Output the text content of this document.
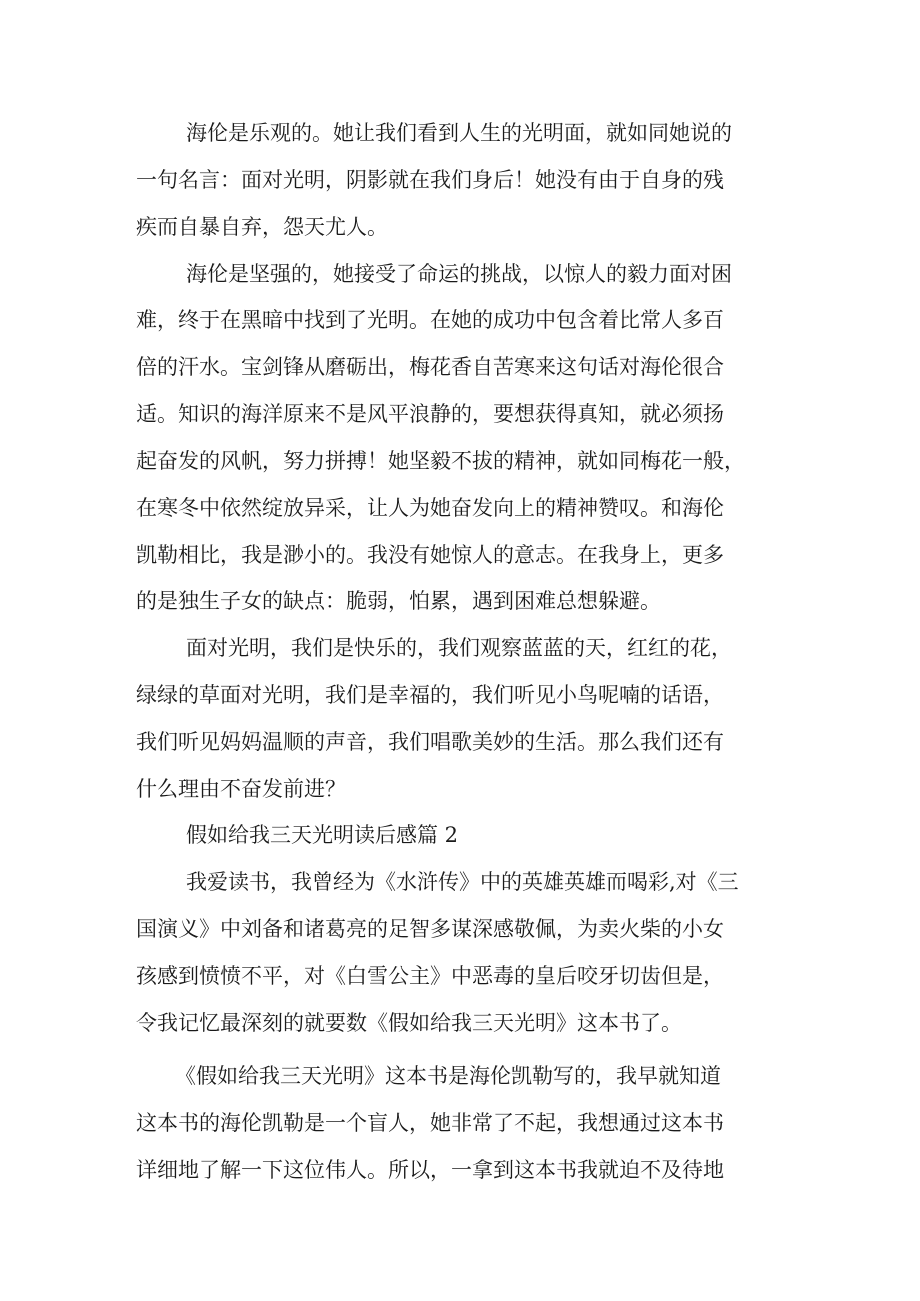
海伦是乐观的。她让我们看到人生的光明面，就如同她说的
一句名言：面对光明，阴影就在我们身后！她没有由于自身的残
疾而自暴自弃，怨天尤人。
海伦是坚强的，她接受了命运的挑战，以惊人的毅力面对困
难，终于在黑暗中找到了光明。在她的成功中包含着比常人多百
倍的汗水。宝剑锋从磨砺出，梅花香自苦寒来这句话对海伦很合
适。知识的海洋原来不是风平浪静的，要想获得真知，就必须扬
起奋发的风帆，努力拼搏！她坚毅不拔的精神，就如同梅花一般，
在寒冬中依然绽放异采，让人为她奋发向上的精神赞叹。和海伦
凯勒相比，我是渺小的。我没有她惊人的意志。在我身上，更多
的是独生子女的缺点：脆弱，怕累，遇到困难总想躲避。
面对光明，我们是快乐的，我们观察蓝蓝的天，红红的花，
绿绿的草面对光明，我们是幸福的，我们听见小鸟呢喃的话语，
我们听见妈妈温顺的声音，我们唱歌美妙的生活。那么我们还有
什么理由不奋发前进？
假如给我三天光明读后感篇 2
我爱读书，我曾经为《水浒传》中的英雄英雄而喝彩,对《三
国演义》中刘备和诸葛亮的足智多谋深感敬佩，为卖火柴的小女
孩感到愤愤不平，对《白雪公主》中恶毒的皇后咬牙切齿但是，
令我记忆最深刻的就要数《假如给我三天光明》这本书了。
《假如给我三天光明》这本书是海伦凯勒写的，我早就知道
这本书的海伦凯勒是一个盲人，她非常了不起，我想通过这本书
详细地了解一下这位伟人。所以，一拿到这本书我就迫不及待地
